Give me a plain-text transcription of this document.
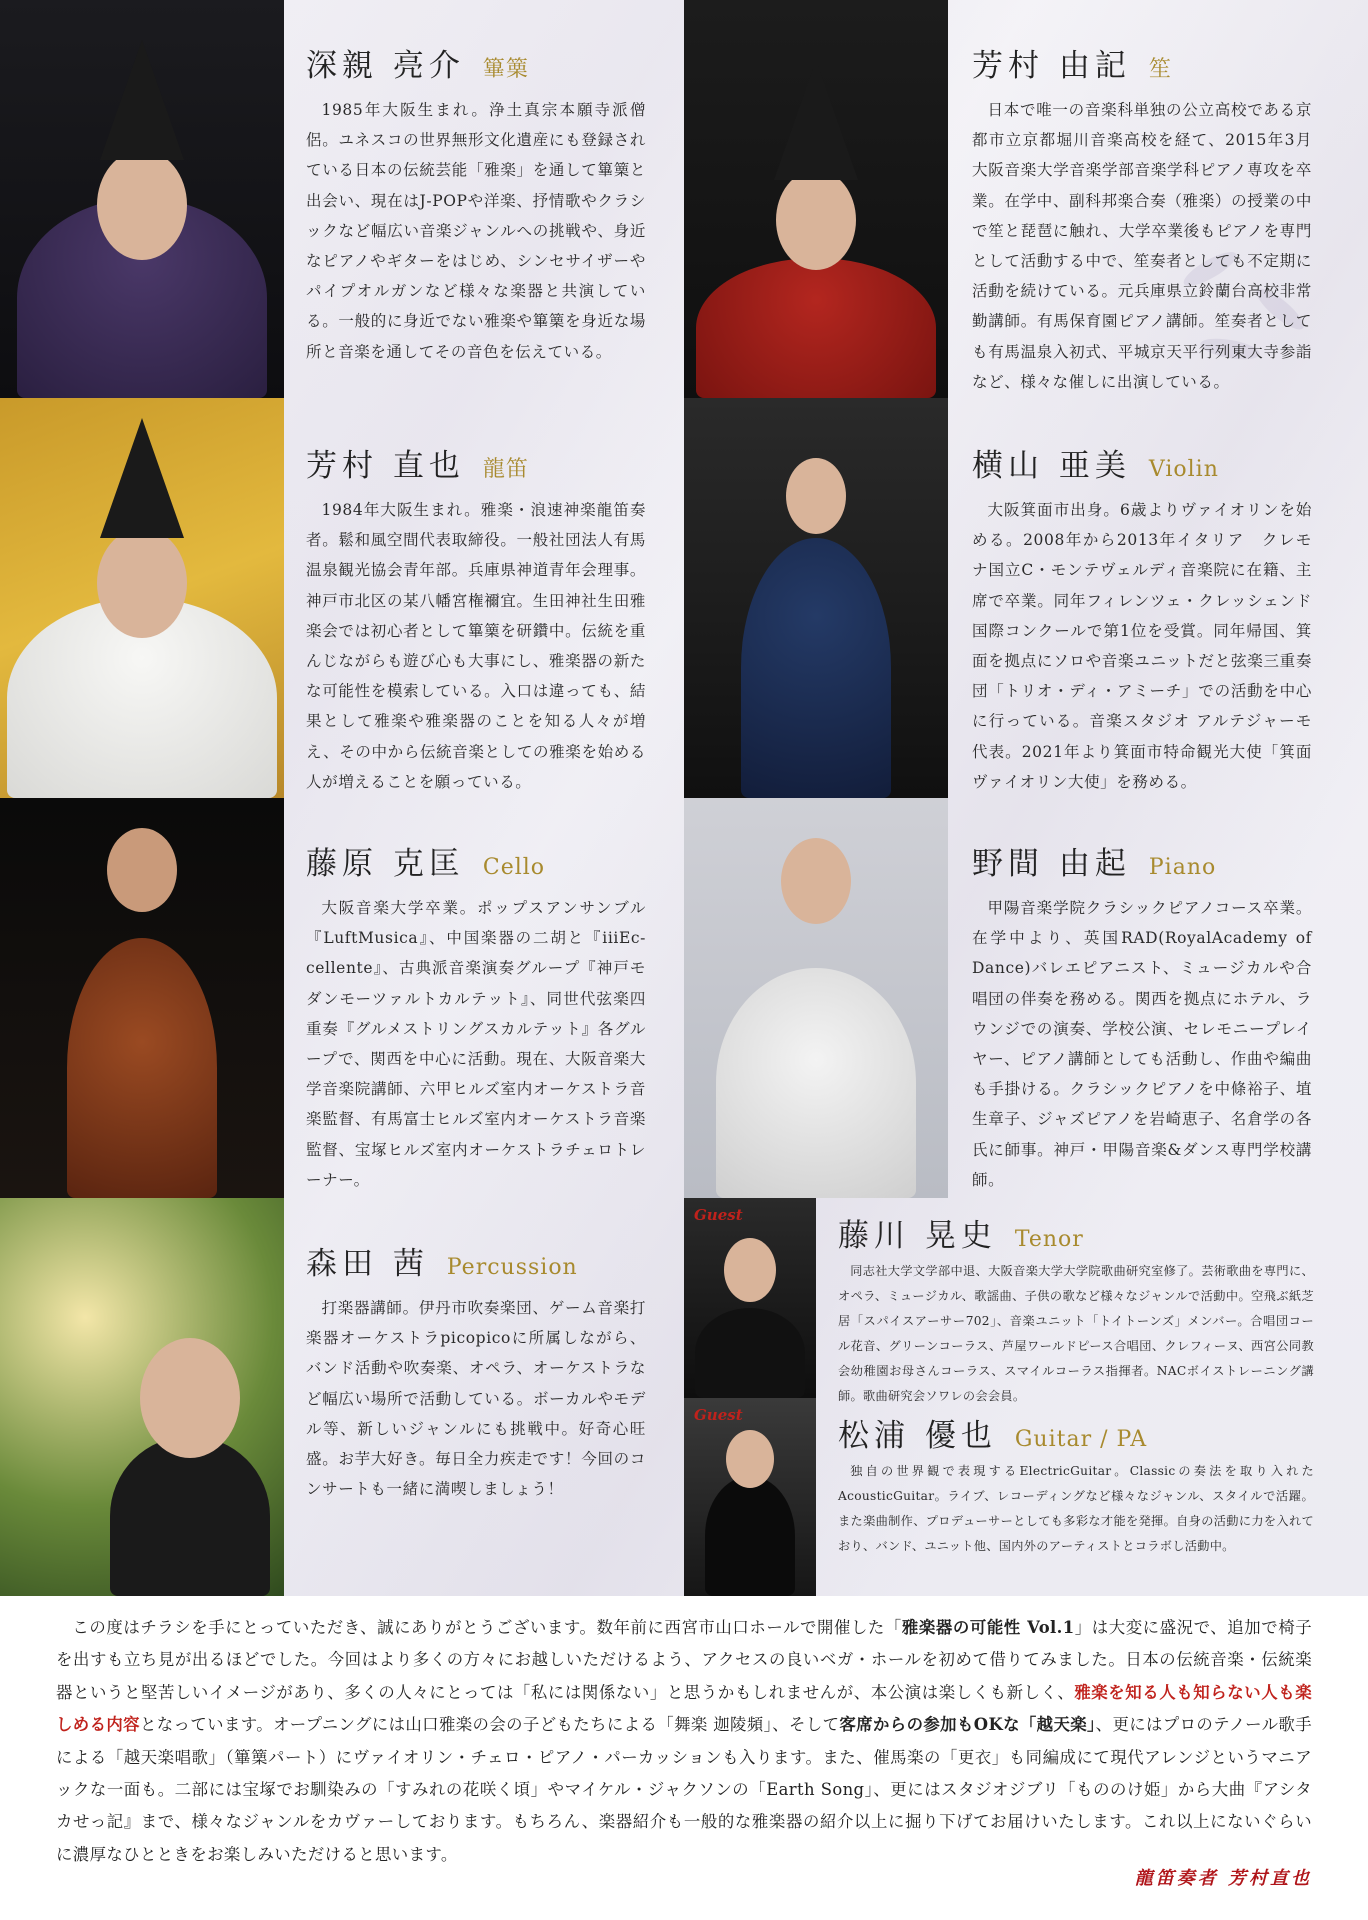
Guest
Guest
深親 亮介 篳篥

1985年大阪生まれ。浄土真宗本願寺派僧侶。ユネスコの世界無形文化遺産にも登録されている日本の伝統芸能「雅楽」を通して篳篥と出会い、現在はJ-POPや洋楽、抒情歌やクラシックなど幅広い音楽ジャンルへの挑戦や、身近なピアノやギターをはじめ、シンセサイザーやパイプオルガンなど様々な楽器と共演している。一般的に身近でない雅楽や篳篥を身近な場所と音楽を通してその音色を伝えている。

芳村 由記 笙

日本で唯一の音楽科単独の公立高校である京都市立京都堀川音楽高校を経て、2015年3月大阪音楽大学音楽学部音楽学科ピアノ専攻を卒業。在学中、副科邦楽合奏（雅楽）の授業の中で笙と琵琶に触れ、大学卒業後もピアノを専門として活動する中で、笙奏者としても不定期に活動を続けている。元兵庫県立鈴蘭台高校非常勤講師。有馬保育園ピアノ講師。笙奏者としても有馬温泉入初式、平城京天平行列東大寺参詣など、様々な催しに出演している。

芳村 直也 龍笛

1984年大阪生まれ。雅楽・浪速神楽龍笛奏者。鬆和風空間代表取締役。一般社団法人有馬温泉観光協会青年部。兵庫県神道青年会理事。神戸市北区の某八幡宮権禰宜。生田神社生田雅楽会では初心者として篳篥を研鑽中。伝統を重んじながらも遊び心も大事にし、雅楽器の新たな可能性を模索している。入口は違っても、結果として雅楽や雅楽器のことを知る人々が増え、その中から伝統音楽としての雅楽を始める人が増えることを願っている。

横山 亜美 Violin

大阪箕面市出身。6歳よりヴァイオリンを始める。2008年から2013年イタリア　クレモナ国立C・モンテヴェルディ音楽院に在籍、主席で卒業。同年フィレンツェ・クレッシェンド国際コンクールで第1位を受賞。同年帰国、箕面を拠点にソロや音楽ユニットだと弦楽三重奏団「トリオ・ディ・アミーチ」での活動を中心に行っている。音楽スタジオ アルテジャーモ代表。2021年より箕面市特命観光大使「箕面ヴァイオリン大使」を務める。

藤原 克匡 Cello

大阪音楽大学卒業。ポップスアンサンブル『LuftMusica』、中国楽器の二胡と『iiiEc-cellente』、古典派音楽演奏グループ『神戸モダンモーツァルトカルテット』、同世代弦楽四重奏『グルメストリングスカルテット』各グループで、関西を中心に活動。現在、大阪音楽大学音楽院講師、六甲ヒルズ室内オーケストラ音楽監督、有馬富士ヒルズ室内オーケストラ音楽監督、宝塚ヒルズ室内オーケストラチェロトレーナー。

野間 由起 Piano

甲陽音楽学院クラシックピアノコース卒業。在学中より、英国RAD(RoyalAcademy of Dance)バレエピアニスト、ミュージカルや合唱団の伴奏を務める。関西を拠点にホテル、ラウンジでの演奏、学校公演、セレモニープレイヤー、ピアノ講師としても活動し、作曲や編曲も手掛ける。クラシックピアノを中條裕子、埴生章子、ジャズピアノを岩崎恵子、名倉学の各氏に師事。神戸・甲陽音楽&ダンス専門学校講師。

森田 茜 Percussion

打楽器講師。伊丹市吹奏楽団、ゲーム音楽打楽器オーケストラpicopicoに所属しながら、バンド活動や吹奏楽、オペラ、オーケストラなど幅広い場所で活動している。ボーカルやモデル等、新しいジャンルにも挑戦中。好奇心旺盛。お芋大好き。毎日全力疾走です！今回のコンサートも一緒に満喫しましょう！

藤川 晃史 Tenor

同志社大学文学部中退、大阪音楽大学大学院歌曲研究室修了。芸術歌曲を専門に、オペラ、ミュージカル、歌謡曲、子供の歌など様々なジャンルで活動中。空飛ぶ紙芝居「スパイスアーサー702」、音楽ユニット「トイトーンズ」メンバー。合唱団コール花音、グリーンコーラス、芦屋ワールドピース合唱団、クレフィーヌ、西宮公同教会幼稚園お母さんコーラス、スマイルコーラス指揮者。NACボイストレーニング講師。歌曲研究会ソワレの会会員。

松浦 優也 Guitar / PA

独自の世界観で表現するElectricGuitar。Classicの奏法を取り入れたAcousticGuitar。ライブ、レコーディングなど様々なジャンル、スタイルで活躍。また楽曲制作、プロデューサーとしても多彩な才能を発揮。自身の活動に力を入れており、バンド、ユニット他、国内外のアーティストとコラボし活動中。

この度はチラシを手にとっていただき、誠にありがとうございます。数年前に西宮市山口ホールで開催した「雅楽器の可能性 Vol.1」は大変に盛況で、追加で椅子を出すも立ち見が出るほどでした。今回はより多くの方々にお越しいただけるよう、アクセスの良いベガ・ホールを初めて借りてみました。日本の伝統音楽・伝統楽器というと堅苦しいイメージがあり、多くの人々にとっては「私には関係ない」と思うかもしれませんが、本公演は楽しくも新しく、雅楽を知る人も知らない人も楽しめる内容となっています。オープニングには山口雅楽の会の子どもたちによる「舞楽 迦陵頻」、そして客席からの参加もOKな「越天楽」、更にはプロのテノール歌手による「越天楽唱歌」（篳篥パート）にヴァイオリン・チェロ・ピアノ・パーカッションも入ります。また、催馬楽の「更衣」も同編成にて現代アレンジというマニアックな一面も。二部には宝塚でお馴染みの「すみれの花咲く頃」やマイケル・ジャクソンの「Earth Song」、更にはスタジオジブリ「もののけ姫」から大曲『アシタカせっ記』まで、様々なジャンルをカヴァーしております。もちろん、楽器紹介も一般的な雅楽器の紹介以上に掘り下げてお届けいたします。これ以上にないぐらいに濃厚なひとときをお楽しみいただけると思います。

龍笛奏者 芳村直也
